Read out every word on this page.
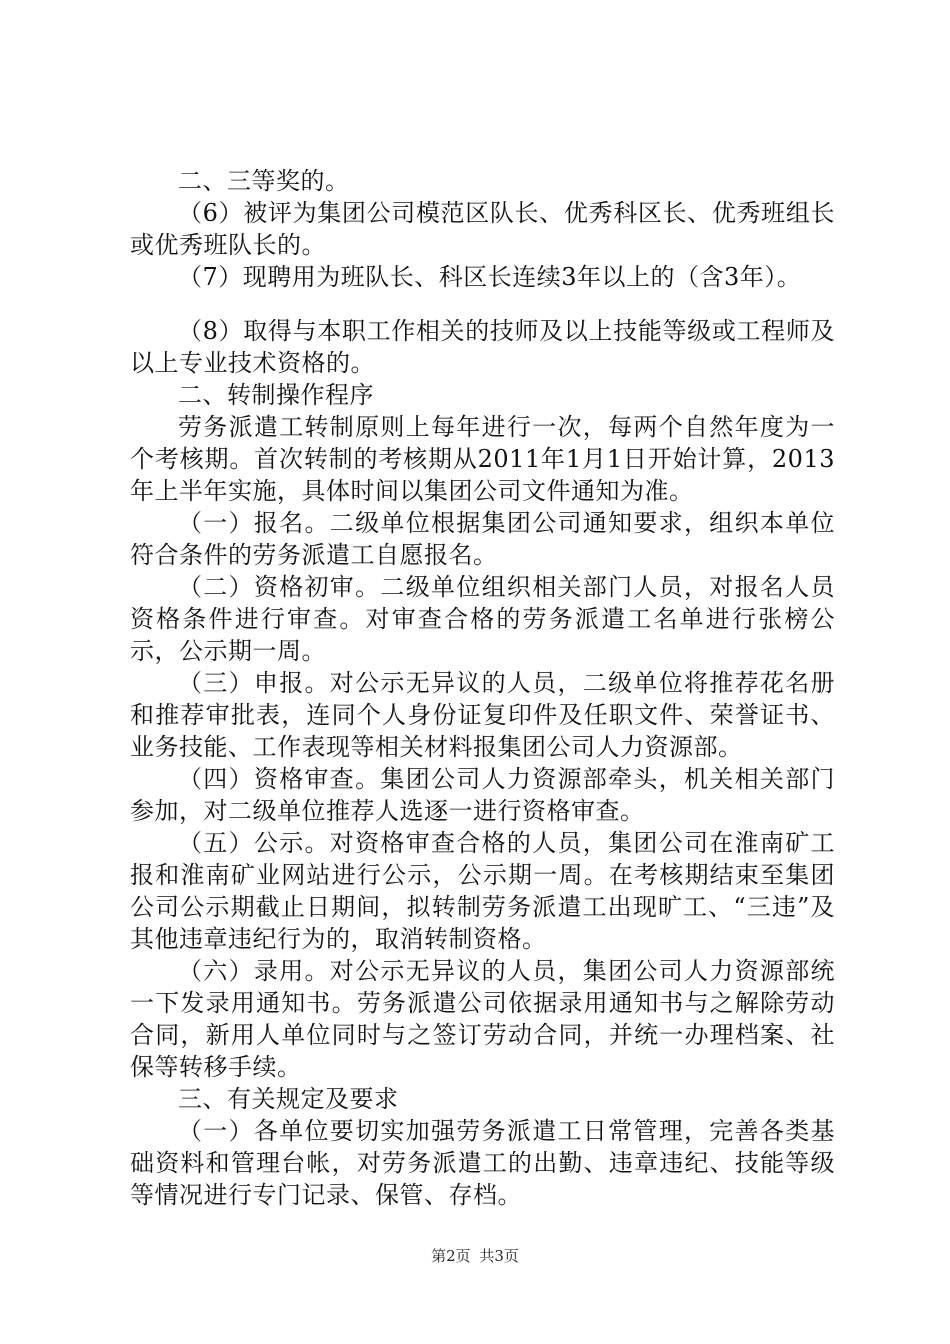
二、三等奖的。

（6）被评为集团公司模范区队长、优秀科区长、优秀班组长或优秀班队长的。

（7）现聘用为班队长、科区长连续3年以上的（含3年）。

（8）取得与本职工作相关的技师及以上技能等级或工程师及以上专业技术资格的。

二、转制操作程序

劳务派遣工转制原则上每年进行一次，每两个自然年度为一个考核期。首次转制的考核期从2011年1月1日开始计算，2013年上半年实施，具体时间以集团公司文件通知为准。

（一）报名。二级单位根据集团公司通知要求，组织本单位符合条件的劳务派遣工自愿报名。

（二）资格初审。二级单位组织相关部门人员，对报名人员资格条件进行审查。对审查合格的劳务派遣工名单进行张榜公示，公示期一周。

（三）申报。对公示无异议的人员，二级单位将推荐花名册和推荐审批表，连同个人身份证复印件及任职文件、荣誉证书、业务技能、工作表现等相关材料报集团公司人力资源部。

（四）资格审查。集团公司人力资源部牵头，机关相关部门参加，对二级单位推荐人选逐一进行资格审查。

（五）公示。对资格审查合格的人员，集团公司在淮南矿工报和淮南矿业网站进行公示，公示期一周。在考核期结束至集团公司公示期截止日期间，拟转制劳务派遣工出现旷工、“三违”及其他违章违纪行为的，取消转制资格。

（六）录用。对公示无异议的人员，集团公司人力资源部统一下发录用通知书。劳务派遣公司依据录用通知书与之解除劳动合同，新用人单位同时与之签订劳动合同，并统一办理档案、社保等转移手续。

三、有关规定及要求

（一）各单位要切实加强劳务派遣工日常管理，完善各类基础资料和管理台帐，对劳务派遣工的出勤、违章违纪、技能等级等情况进行专门记录、保管、存档。

第2页 共3页
